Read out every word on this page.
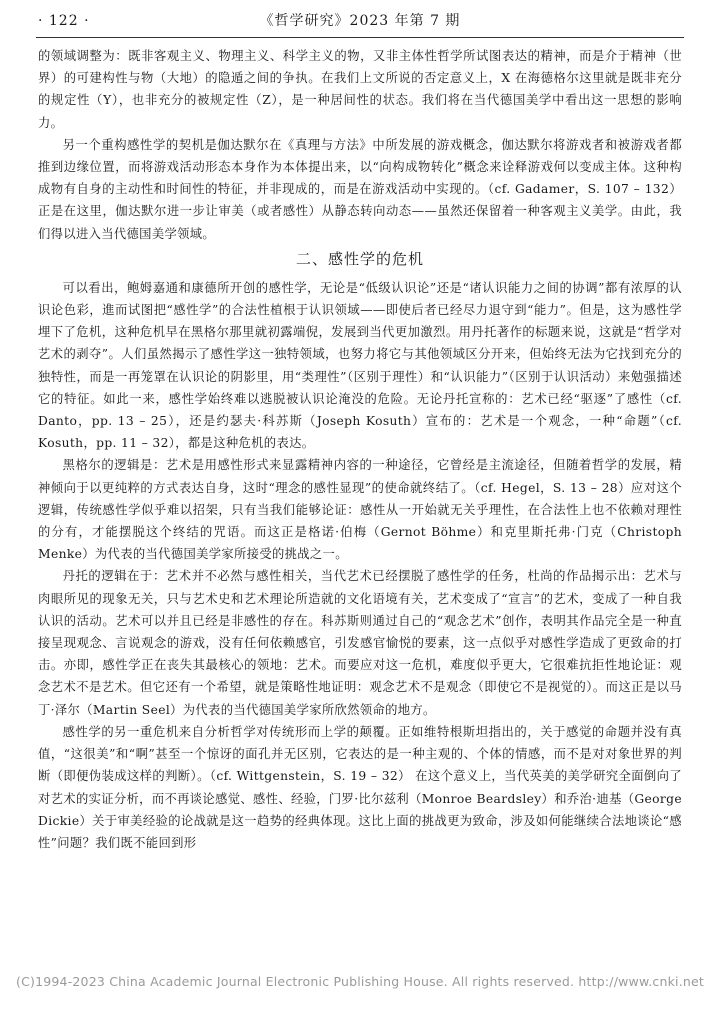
· 122 ·	《哲学研究》2023 年第 7 期

的领域调整为：既非客观主义、物理主义、科学主义的物，又非主体性哲学所试图表达的精神，而是介于精神（世界）的可建构性与物（大地）的隐遁之间的争执。在我们上文所说的否定意义上，X 在海德格尔这里就是既非充分的规定性（Y），也非充分的被规定性（Z），是一种居间性的状态。我们将在当代德国美学中看出这一思想的影响力。

另一个重构感性学的契机是伽达默尔在《真理与方法》中所发展的游戏概念，伽达默尔将游戏者和被游戏者都推到边缘位置，而将游戏活动形态本身作为本体提出来，以“向构成物转化”概念来诠释游戏何以变成主体。这种构成物有自身的主动性和时间性的特征，并非现成的，而是在游戏活动中实现的。（cf. Gadamer，S. 107 – 132） 正是在这里，伽达默尔进一步让审美（或者感性）从静态转向动态——虽然还保留着一种客观主义美学。由此，我们得以进入当代德国美学领域。

二、感性学的危机

可以看出，鲍姆嘉通和康德所开创的感性学，无论是“低级认识论”还是“诸认识能力之间的协调”都有浓厚的认识论色彩，進而试图把“感性学”的合法性植根于认识领域——即使后者已经尽力退守到“能力”。但是，这为感性学埋下了危机，这种危机早在黑格尔那里就初露端倪，发展到当代更加激烈。用丹托著作的标题来说，这就是“哲学对艺术的剥夺”。人们虽然揭示了感性学这一独特领域，也努力将它与其他领域区分开来，但始终无法为它找到充分的独特性，而是一再笼罩在认识论的阴影里，用“类理性”（区别于理性）和“认识能力”（区别于认识活动）来勉强描述它的特征。如此一来，感性学始终难以逃脱被认识论淹没的危险。无论丹托宣称的：艺术已经“驱逐”了感性（cf. Danto，pp. 13 – 25），还是约瑟夫·科苏斯（Joseph Kosuth）宣布的：艺术是一个观念，一种“命题”（cf. Kosuth，pp. 11 – 32），都是这种危机的表达。

黑格尔的逻辑是：艺术是用感性形式来显露精神内容的一种途径，它曾经是主流途径，但随着哲学的发展，精神倾向于以更纯粹的方式表达自身，这时“理念的感性显现”的使命就终结了。（cf. Hegel，S. 13 – 28）应对这个逻辑，传统感性学似乎难以招架，只有当我们能够论证：感性从一开始就无关乎理性，在合法性上也不依赖对理性的分有，才能摆脱这个终结的咒语。而这正是格诺·伯梅（Gernot Böhme）和克里斯托弗·门克（Christoph Menke）为代表的当代德国美学家所接受的挑战之一。

丹托的逻辑在于：艺术并不必然与感性相关，当代艺术已经摆脱了感性学的任务，杜尚的作品揭示出：艺术与肉眼所见的现象无关，只与艺术史和艺术理论所造就的文化语境有关，艺术变成了“宣言”的艺术，变成了一种自我认识的活动。艺术可以并且已经是非感性的存在。科苏斯则通过自己的“观念艺术”创作，表明其作品完全是一种直接呈现观念、言说观念的游戏，没有任何依赖感官，引发感官愉悦的要素，这一点似乎对感性学造成了更致命的打击。亦即，感性学正在丧失其最核心的领地：艺术。而要应对这一危机，难度似乎更大，它很难抗拒性地论证：观念艺术不是艺术。但它还有一个希望，就是策略性地证明：观念艺术不是观念（即使它不是视觉的）。而这正是以马丁·泽尔（Martin Seel）为代表的当代德国美学家所欣然领命的地方。

感性学的另一重危机来自分析哲学对传统形而上学的颠覆。正如维特根斯坦指出的，关于感觉的命题并没有真值，“这很美”和“啊”甚至一个惊讶的面孔并无区别，它表达的是一种主观的、个体的情感，而不是对对象世界的判断（即便伪装成这样的判断）。（cf. Wittgenstein，S. 19 – 32） 在这个意义上，当代英美的美学研究全面倒向了对艺术的实证分析，而不再谈论感觉、感性、经验，门罗·比尔兹利（Monroe Beardsley）和乔治·迪基（George Dickie）关于审美经验的论战就是这一趋势的经典体现。这比上面的挑战更为致命，涉及如何能继续合法地谈论“感性”问题？我们既不能回到形

(C)1994-2023 China Academic Journal Electronic Publishing House. All rights reserved. http://www.cnki.net
